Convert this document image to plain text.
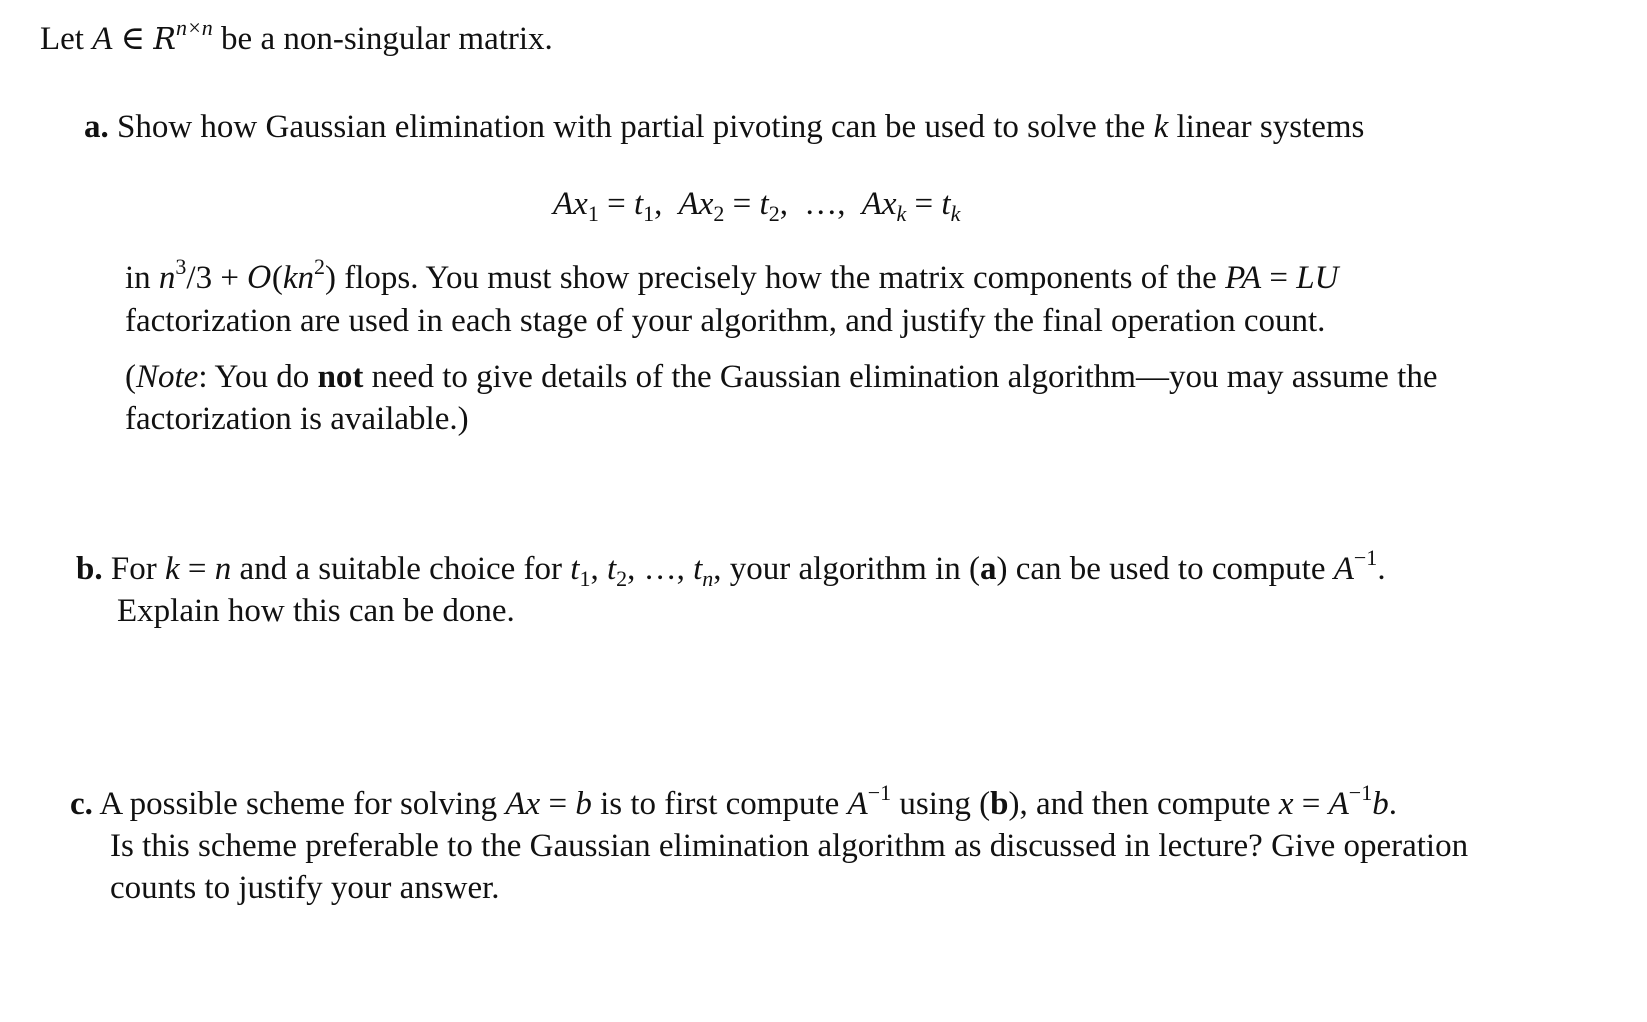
Let A ∈ $R^{n\times n}$ be a non-singular matrix.
a. Show how Gaussian elimination with partial pivoting can be used to solve the k linear systems
$Ax_1 = t_1$, $Ax_2 = t_2$, …, $Ax_k = t_k$
in $n^3/3 + O(kn^2)$ flops. You must show precisely how the matrix components of the PA = LU
factorization are used in each stage of your algorithm, and justify the final operation count.
(Note: You do not need to give details of the Gaussian elimination algorithm—you may assume the
factorization is available.)
b. For k = n and a suitable choice for $t_1$, $t_2$, …, $t_n$, your algorithm in (a) can be used to compute $A^{-1}$.
Explain how this can be done.
c. A possible scheme for solving Ax = b is to first compute $A^{-1}$ using (b), and then compute $x = A^{-1}b$.
Is this scheme preferable to the Gaussian elimination algorithm as discussed in lecture? Give operation
counts to justify your answer.
